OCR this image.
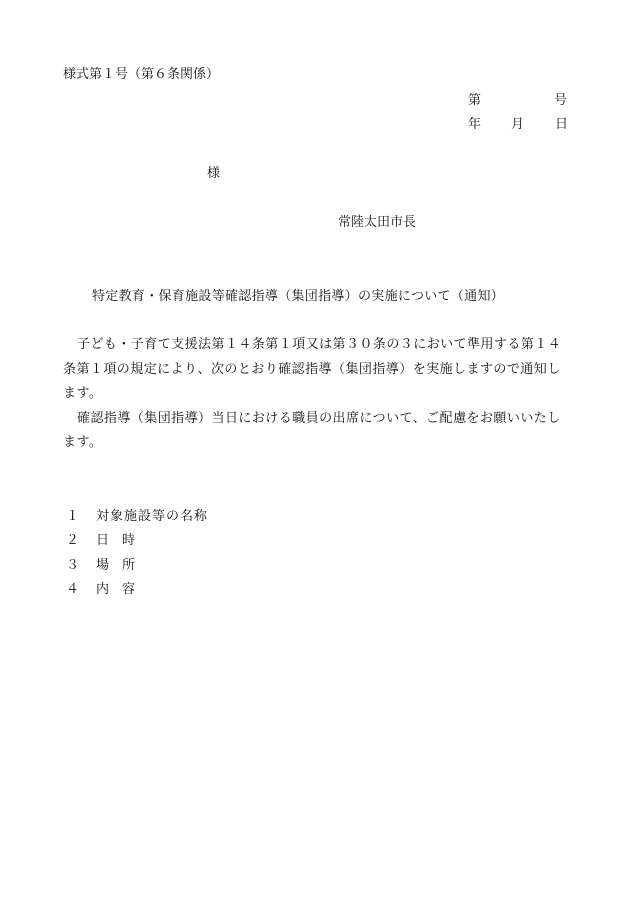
様式第１号（第６条関係）
第	号
年 月 日
様
常陸太田市長
特定教育・保育施設等確認指導（集団指導）の実施について（通知）

子ども・子育て支援法第１４条第１項又は第３０条の３において準用する第１４条第１項の規定により、次のとおり確認指導（集団指導）を実施しますので通知します。

確認指導（集団指導）当日における職員の出席について、ご配慮をお願いいたします。

１ 対象施設等の名称
２ 日時
３ 場所
４ 内容
